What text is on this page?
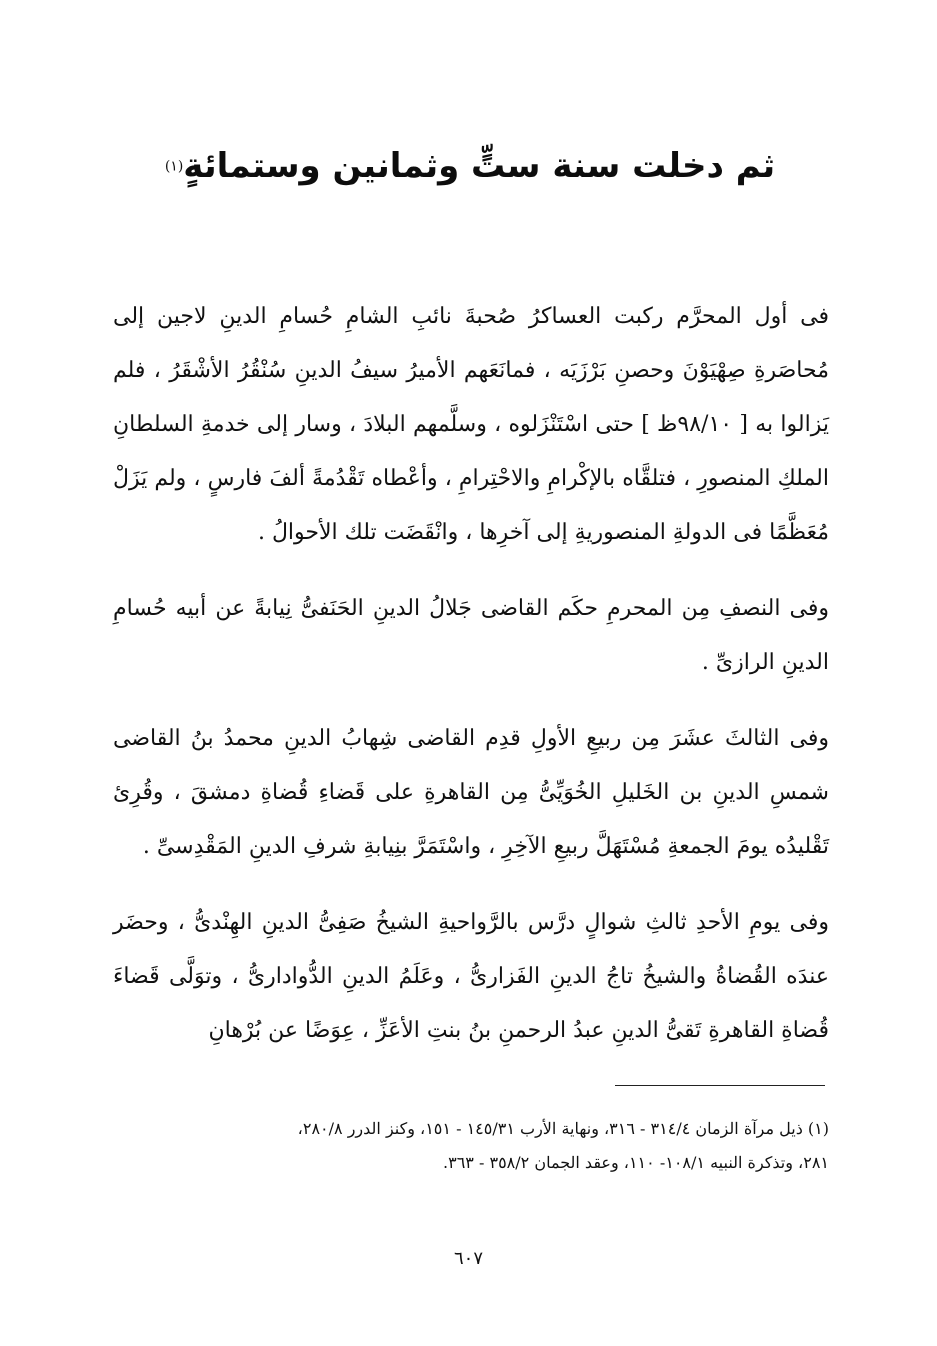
ثم دخلت سنة ستٍّ وثمانين وستمائةٍ(١)

فى أول المحرَّم ركبت العساكرُ صُحبةَ نائبِ الشامِ حُسامِ الدينِ لاجين إلى مُحاصَرةِ صِهْيَوْنَ وحصنِ بَرْزَيَه ، فمانَعَهم الأميرُ سيفُ الدينِ سُنْقُرُ الأشْقَرُ ، فلم يَزالوا به [ ٩٨/١٠ظ ] حتى اسْتَنْزَلوه ، وسلَّمهم البلادَ ، وسار إلى خدمةِ السلطانِ الملكِ المنصورِ ، فتلقَّاه بالإكْرامِ والاحْتِرامِ ، وأعْطاه تَقْدُمةً ألفَ فارسٍ ، ولم يَزَلْ مُعَظَّمًا فى الدولةِ المنصوريةِ إلى آخرِها ، وانْقَضَت تلك الأحوالُ .

وفى النصفِ مِن المحرمِ حكَم القاضى جَلالُ الدينِ الحَنَفىُّ نِيابةً عن أبيه حُسامِ الدينِ الرازىِّ .

وفى الثالثَ عشَرَ مِن ربيعِ الأولِ قدِم القاضى شِهابُ الدينِ محمدُ بنُ القاضى شمسِ الدينِ بن الخَليلِ الخُوَيِّىُّ مِن القاهرةِ على قَضاءِ قُضاةِ دمشقَ ، وقُرِئ تَقْليدُه يومَ الجمعةِ مُسْتَهَلَّ ربيعِ الآخِرِ ، واسْتَمَرَّ بنِيابةِ شرفِ الدينِ المَقْدِسىِّ .

وفى يومِ الأحدِ ثالثِ شوالٍ درَّس بالرَّواحيةِ الشيخُ صَفِىُّ الدينِ الهِنْدىُّ ، وحضَر عندَه القُضاةُ والشيخُ تاجُ الدينِ الفَزارىُّ ، وعَلَمُ الدينِ الدُّواداریُّ ، وتوَلَّى قَضاءَ قُضاةِ القاهرةِ تَقىُّ الدينِ عبدُ الرحمنِ بنُ بنتِ الأعَزِّ ، عِوَضًا عن بُرْهانِ

(١) ذيل مرآة الزمان ٣١٤/٤ - ٣١٦، ونهاية الأرب ١٤٥/٣١ - ١٥١، وكنز الدرر ٢٨٠/٨،

٢٨١، وتذكرة النبيه ١٠٨/١- ١١٠، وعقد الجمان ٣٥٨/٢ - ٣٦٣.

٦٠٧
